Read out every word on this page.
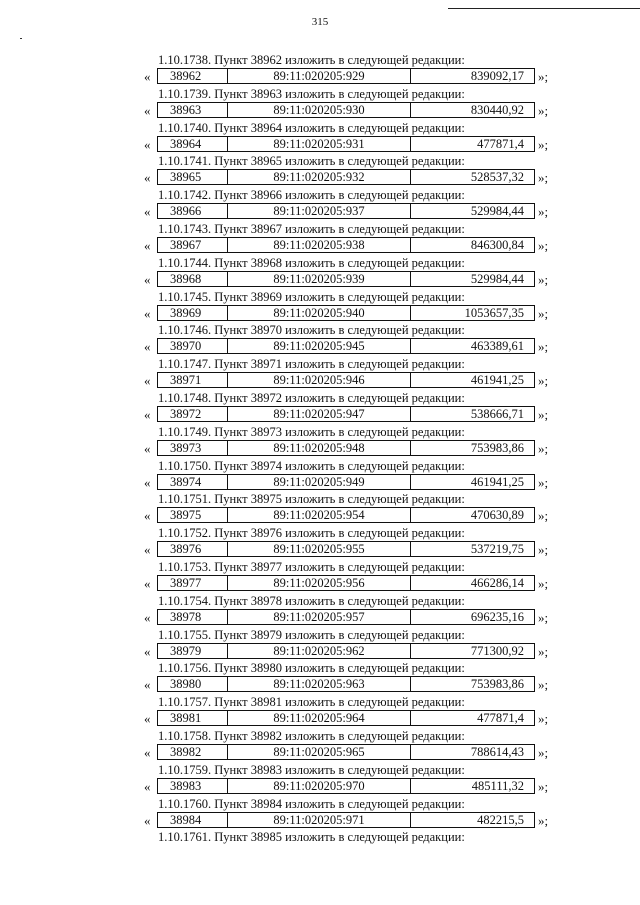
315
1.10.1738. Пункт 38962 изложить в следующей редакции:
«	38962	89:11:020205:929	839092,17	»;
1.10.1739. Пункт 38963 изложить в следующей редакции:
«	38963	89:11:020205:930	830440,92	»;
1.10.1740. Пункт 38964 изложить в следующей редакции:
«	38964	89:11:020205:931	477871,4	»;
1.10.1741. Пункт 38965 изложить в следующей редакции:
«	38965	89:11:020205:932	528537,32	»;
1.10.1742. Пункт 38966 изложить в следующей редакции:
«	38966	89:11:020205:937	529984,44	»;
1.10.1743. Пункт 38967 изложить в следующей редакции:
«	38967	89:11:020205:938	846300,84	»;
1.10.1744. Пункт 38968 изложить в следующей редакции:
«	38968	89:11:020205:939	529984,44	»;
1.10.1745. Пункт 38969 изложить в следующей редакции:
«	38969	89:11:020205:940	1053657,35	»;
1.10.1746. Пункт 38970 изложить в следующей редакции:
«	38970	89:11:020205:945	463389,61	»;
1.10.1747. Пункт 38971 изложить в следующей редакции:
«	38971	89:11:020205:946	461941,25	»;
1.10.1748. Пункт 38972 изложить в следующей редакции:
«	38972	89:11:020205:947	538666,71	»;
1.10.1749. Пункт 38973 изложить в следующей редакции:
«	38973	89:11:020205:948	753983,86	»;
1.10.1750. Пункт 38974 изложить в следующей редакции:
«	38974	89:11:020205:949	461941,25	»;
1.10.1751. Пункт 38975 изложить в следующей редакции:
«	38975	89:11:020205:954	470630,89	»;
1.10.1752. Пункт 38976 изложить в следующей редакции:
«	38976	89:11:020205:955	537219,75	»;
1.10.1753. Пункт 38977 изложить в следующей редакции:
«	38977	89:11:020205:956	466286,14	»;
1.10.1754. Пункт 38978 изложить в следующей редакции:
«	38978	89:11:020205:957	696235,16	»;
1.10.1755. Пункт 38979 изложить в следующей редакции:
«	38979	89:11:020205:962	771300,92	»;
1.10.1756. Пункт 38980 изложить в следующей редакции:
«	38980	89:11:020205:963	753983,86	»;
1.10.1757. Пункт 38981 изложить в следующей редакции:
«	38981	89:11:020205:964	477871,4	»;
1.10.1758. Пункт 38982 изложить в следующей редакции:
«	38982	89:11:020205:965	788614,43	»;
1.10.1759. Пункт 38983 изложить в следующей редакции:
«	38983	89:11:020205:970	485111,32	»;
1.10.1760. Пункт 38984 изложить в следующей редакции:
«	38984	89:11:020205:971	482215,5	»;
1.10.1761. Пункт 38985 изложить в следующей редакции:
